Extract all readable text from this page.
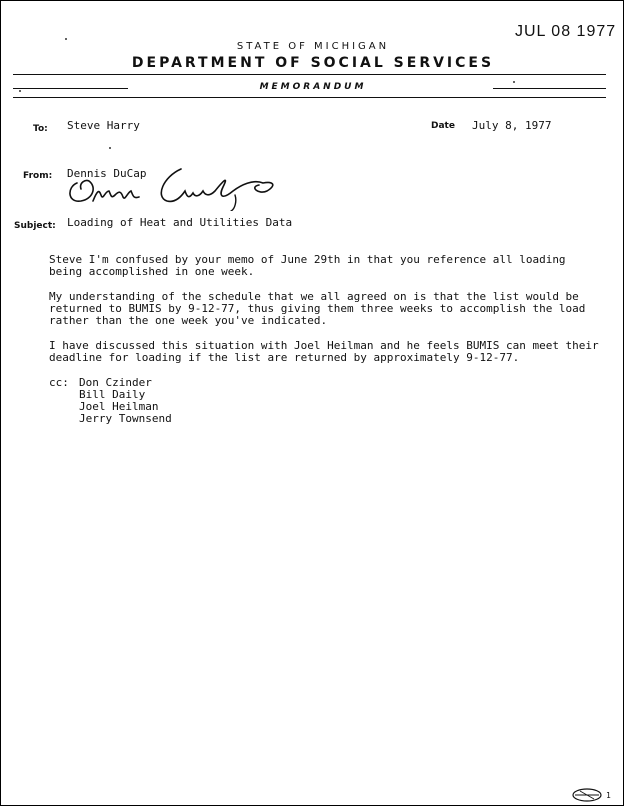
JUL 08 1977
STATE OF MICHIGAN
DEPARTMENT OF SOCIAL SERVICES
MEMORANDUM
To: Steve Harry	Date July 8, 1977
From: Dennis DuCap
Subject: Loading of Heat and Utilities Data
Steve I'm confused by your memo of June 29th in that you reference all loading
being accomplished in one week.
My understanding of the schedule that we all agreed on is that the list would be
returned to BUMIS by 9-12-77, thus giving them three weeks to accomplish the load
rather than the one week you've indicated.
I have discussed this situation with Joel Heilman and he feels BUMIS can meet their
deadline for loading if the list are returned by approximately 9-12-77.
cc: Don Czinder
Bill Daily
Joel Heilman
Jerry Townsend
1
